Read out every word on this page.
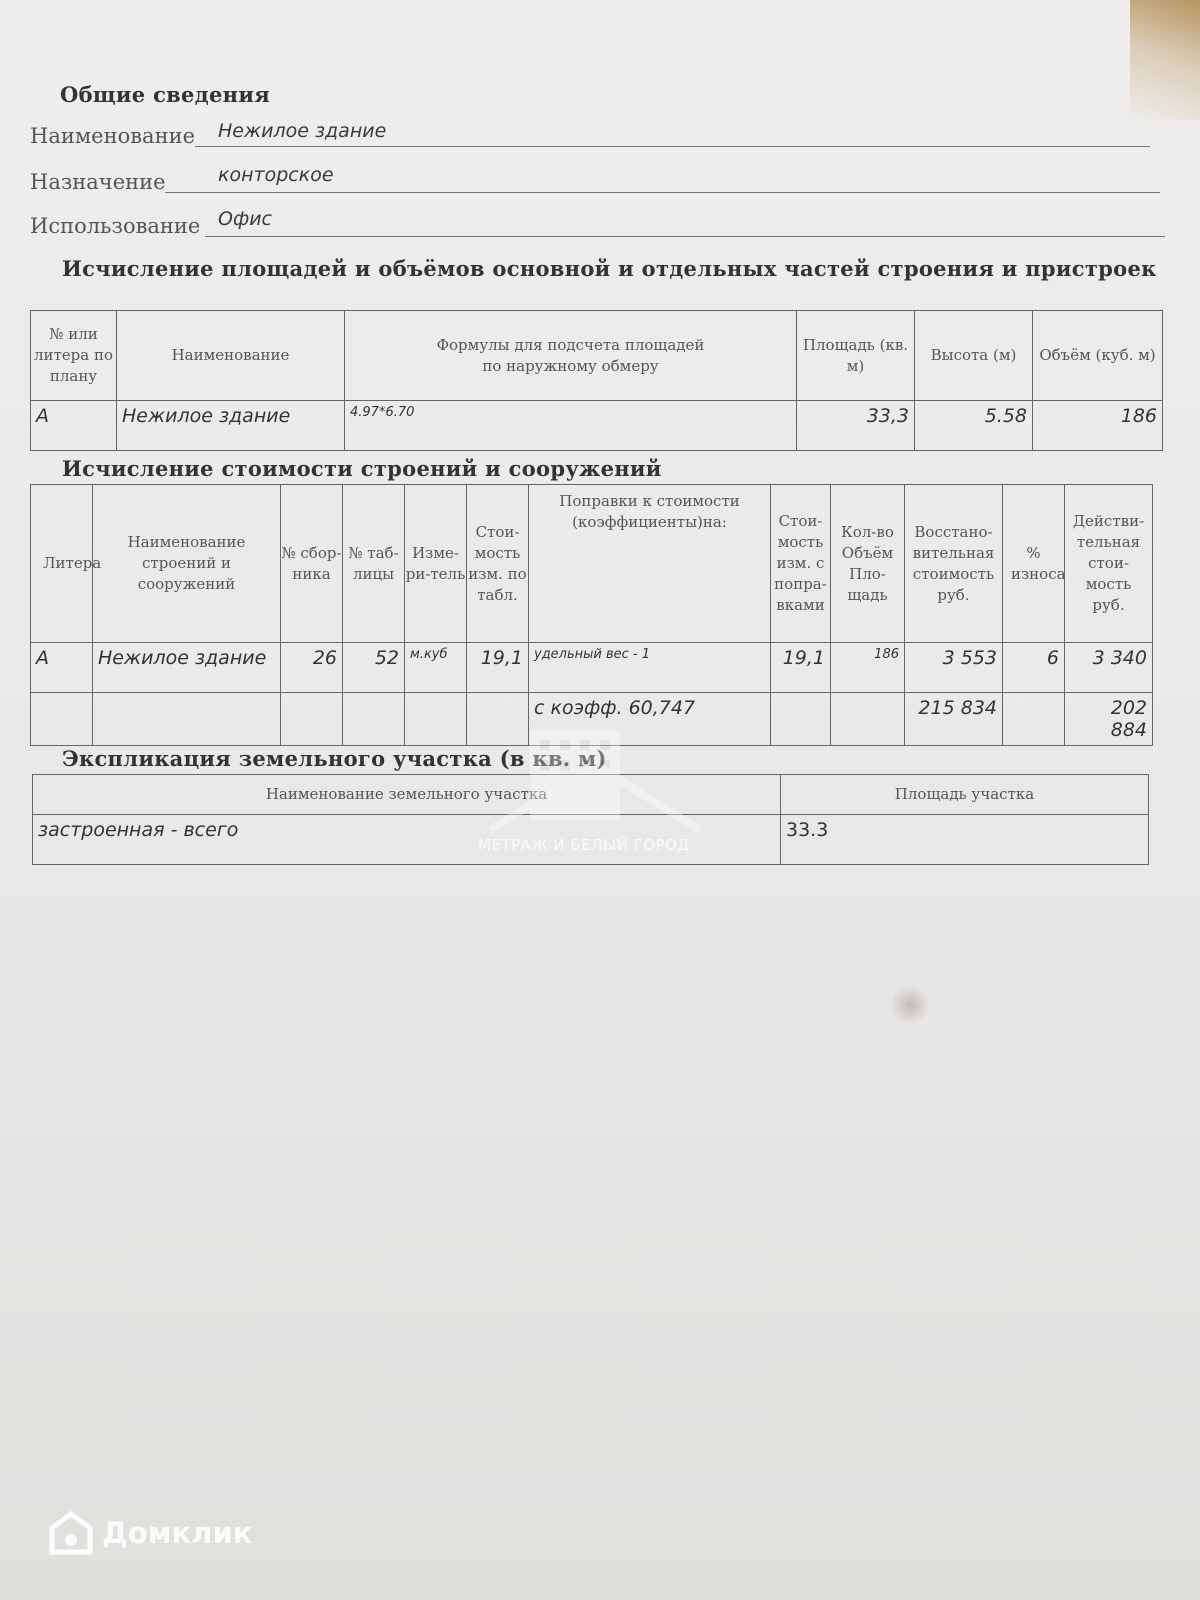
Общие сведения
Наименование Нежилое здание
Назначение	конторское
Использование Офис
Исчисление площадей и объёмов основной и отдельных частей строения и пристроек
№ или литера по плану	Наименование	Формулы для подсчета площадей по наружному обмеру	Площадь (кв. м)	Высота (м)	Объём (куб. м)
А	Нежилое здание	4.97*6.70	33,3	5.58	186
Исчисление стоимости строений и сооружений
Литера	Наименование строений и сооружений	№ сбор-ника	№ таб-лицы	Изме-ри-тель	Стои-мость изм. по табл.	Поправки к стоимости (коэффициенты)на:	Стои-мость изм. с попра-вками	Кол-во Объём Пло-щадь	Восстано-вительная стоимость руб.	% износа	Действи-тельная стои-мость руб.
А	Нежилое здание	26	52	м.куб	19,1	удельный вес - 1	19,1	186	3 553	6	3 340
						с коэфф. 60,747			215 834		202 884
Экспликация земельного участка (в кв. м)
Наименование земельного участка	Площадь участка
застроенная - всего	33.3
МЕТРАЖ И БЕЛЫЙ ГОРОД
Домклик
